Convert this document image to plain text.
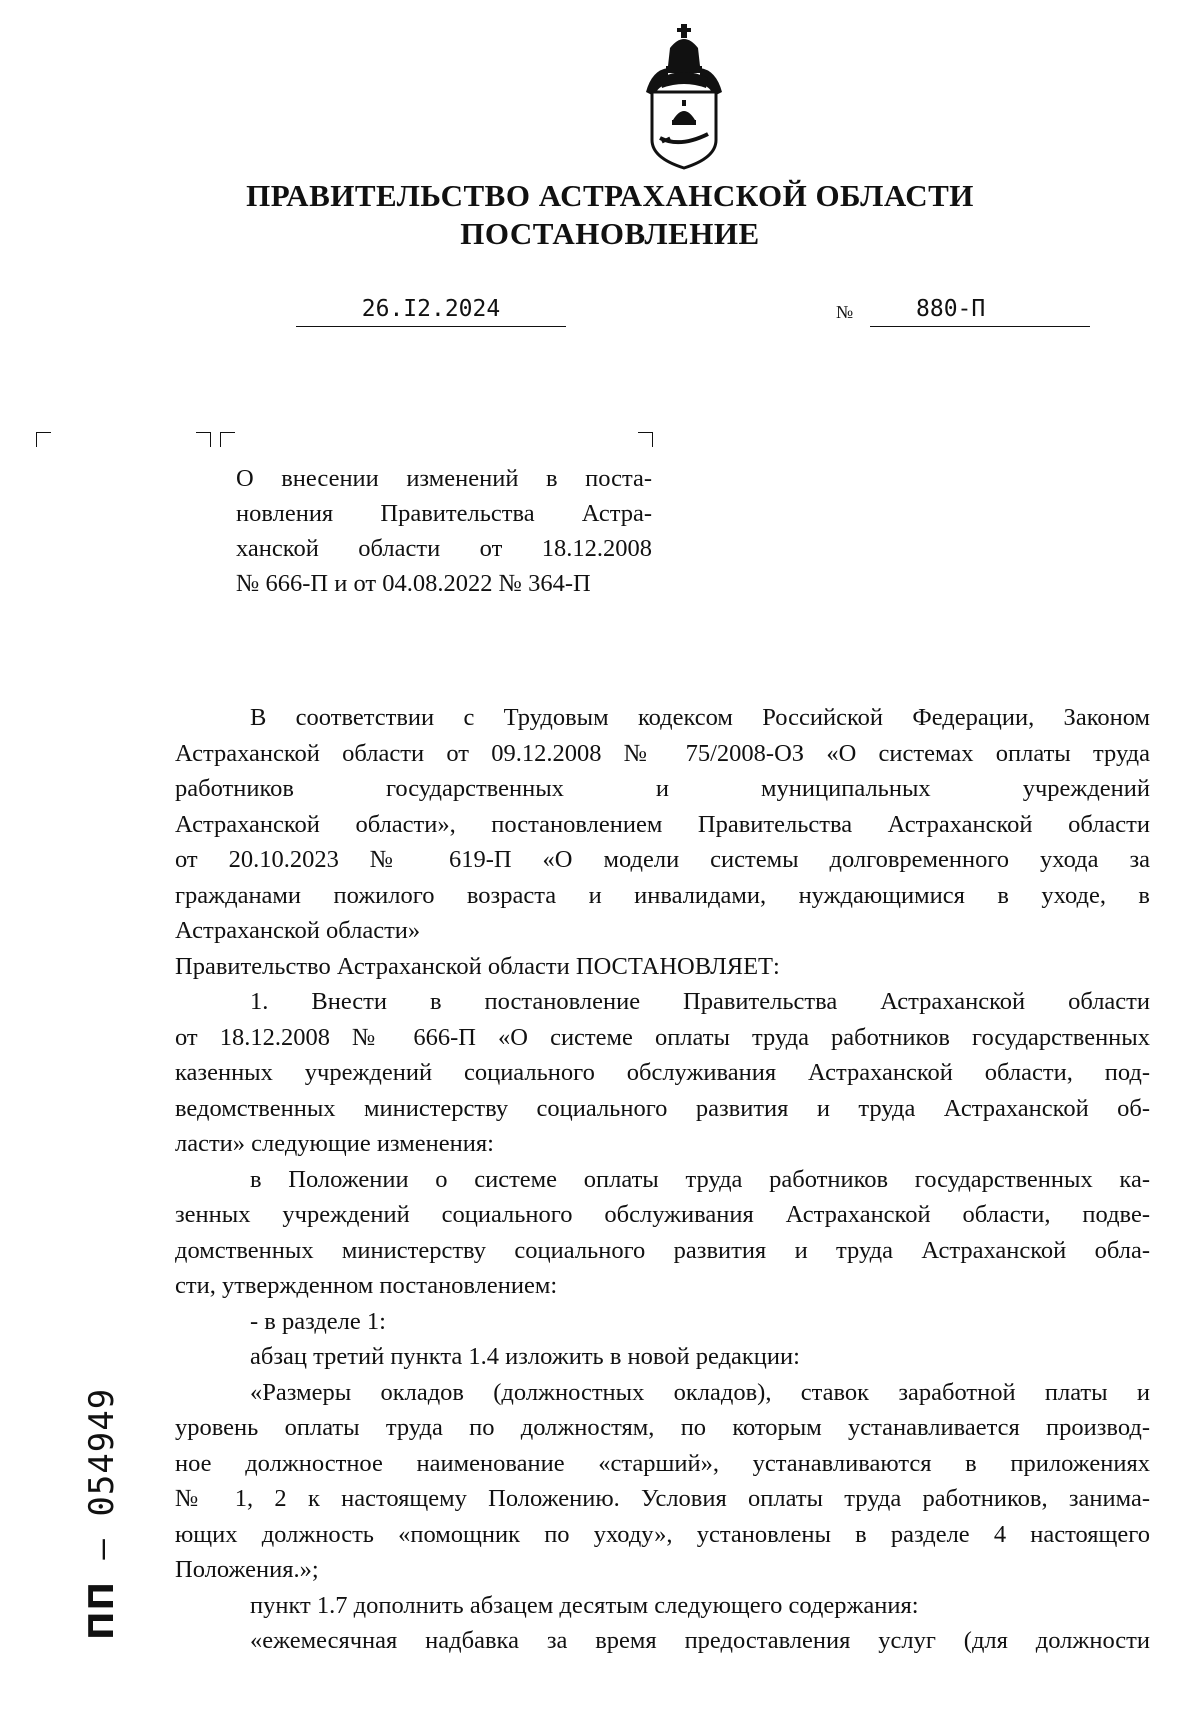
ПРАВИТЕЛЬСТВО АСТРАХАНСКОЙ ОБЛАСТИ
ПОСТАНОВЛЕНИЕ
26.I2.2024	№	880-П
О внесении изменений в поста-
новления Правительства Астра-
ханской области от 18.12.2008
№ 666-П и от 04.08.2022 № 364-П
В соответствии с Трудовым кодексом Российской Федерации, Законом
Астраханской области от 09.12.2008 № 75/2008-ОЗ «О системах оплаты труда
работников государственных и муниципальных учреждений
Астраханской области», постановлением Правительства Астраханской области
от 20.10.2023 № 619-П «О модели системы долговременного ухода за
гражданами пожилого возраста и инвалидами, нуждающимися в уходе, в
Астраханской области»
Правительство Астраханской области ПОСТАНОВЛЯЕТ:
1. Внести в постановление Правительства Астраханской области
от 18.12.2008 № 666-П «О системе оплаты труда работников государственных
казенных учреждений социального обслуживания Астраханской области, под-
ведомственных министерству социального развития и труда Астраханской об-
ласти» следующие изменения:
в Положении о системе оплаты труда работников государственных ка-
зенных учреждений социального обслуживания Астраханской области, подве-
домственных министерству социального развития и труда Астраханской обла-
сти, утвержденном постановлением:
- в разделе 1:
абзац третий пункта 1.4 изложить в новой редакции:
«Размеры окладов (должностных окладов), ставок заработной платы и
уровень оплаты труда по должностям, по которым устанавливается производ-
ное должностное наименование «старший», устанавливаются в приложениях
№ 1, 2 к настоящему Положению. Условия оплаты труда работников, занима-
ющих должность «помощник по уходу», установлены в разделе 4 настоящего
Положения.»;
пункт 1.7 дополнить абзацем десятым следующего содержания:
«ежемесячная надбавка за время предоставления услуг (для должности
ПП – 054949
